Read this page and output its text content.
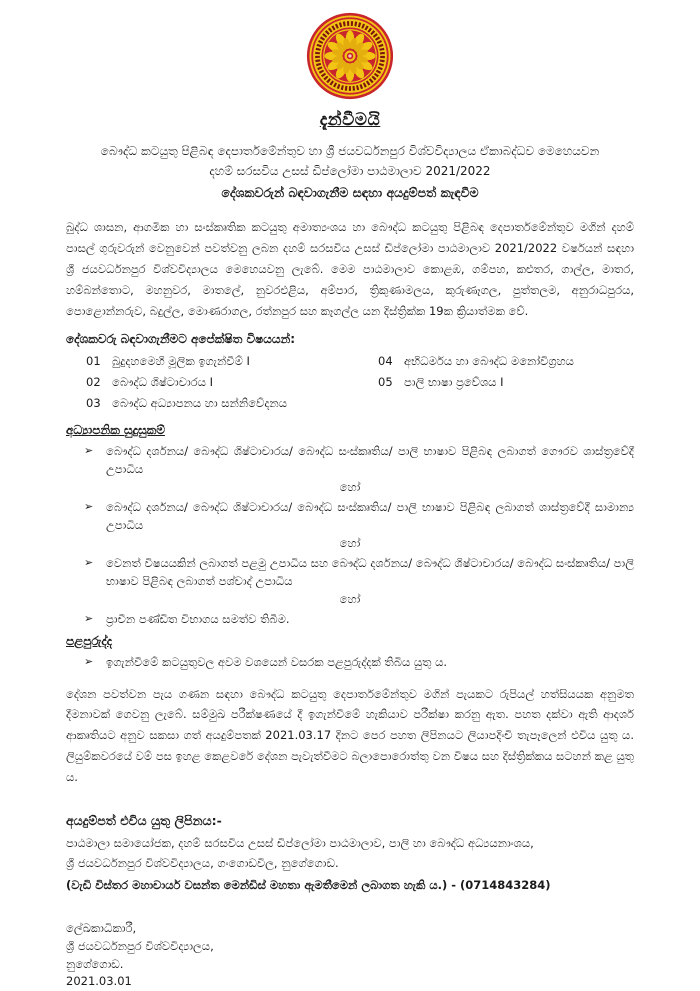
දැන්වීමයි
බෞද්ධ කටයුතු පිළිබඳ දෙපාර්තමේන්තුව හා ශ්‍රී ජයවර්ධනපුර විශ්වවිද්‍යාලය ඒකාබද්ධව මෙහෙයවන
දහම් සරසවිය උසස් ඩිප්ලෝමා පාඨමාලාව 2021/2022
දේශකවරුන් බඳවාගැනීම සඳහා අයදුම්පත් කැඳවීම

බුද්ධ ශාසන, ආගමික හා සංස්කෘතික කටයුතු අමාත්‍යංශය හා බෞද්ධ කටයුතු පිළිබඳ දෙපාර්තමේන්තුව මගින් දහම් පාසල් ගුරුවරුන් වෙනුවෙන් පවත්වනු ලබන දහම් සරසවිය උසස් ඩිප්ලෝමා පාඨමාලාව 2021/2022 වර්ෂයන් සඳහා ශ්‍රී ජයවර්ධනපුර විශ්වවිද්‍යාලය මෙහෙයවනු ලැබේ. මෙම පාඨමාලාව කොළඹ, ගම්පහ, කළුතර, ගාල්ල, මාතර, හම්බන්තොට, මහනුවර, මාතලේ, නුවරඑළිය, අම්පාර, ත්‍රිකුණාමලය, කුරුණෑගල, පුත්තලම, අනුරාධපුරය, පොළොන්නරුව, බදුල්ල, මොණරාගල, රත්නපුර සහ කෑගල්ල යන දිස්ත්‍රික්ක 19ක ක්‍රියාත්මක වේ.

දේශකවරු බඳවාගැනීමට අපේක්ෂිත විෂයයන්:
01 බුදුදහමෙහි මූලික ඉගැන්වීම් I
02 බෞද්ධ ශිෂ්ටාචාරය I
03 බෞද්ධ අධ්‍යාපනය හා සන්නිවේදනය
04 අභිධර්මය හා බෞද්ධ මනෝවිග්‍රහය
05 පාලි භාෂා ප්‍රවේශය I
අධ්‍යාපනික සුදුසුකම්
➢	බෞද්ධ දර්ශනය/ බෞද්ධ ශිෂ්ටාචාරය/ බෞද්ධ සංස්කෘතිය/ පාලි භාෂාව පිළිබඳ ලබාගත් ගෞරව ශාස්ත්‍රවේදී උපාධිය
හෝ
➢	බෞද්ධ දර්ශනය/ බෞද්ධ ශිෂ්ටාචාරය/ බෞද්ධ සංස්කෘතිය/ පාලි භාෂාව පිළිබඳ ලබාගත් ශාස්ත්‍රවේදී සාමාන්‍ය උපාධිය
හෝ
➢	වෙනත් විෂයයකින් ලබාගත් පළමු උපාධිය සහ බෞද්ධ දර්ශනය/ බෞද්ධ ශිෂ්ටාචාරය/ බෞද්ධ සංස්කෘතිය/ පාලි භාෂාව පිළිබඳ ලබාගත් පශ්චාද් උපාධිය
හෝ
➢	ප්‍රාචීන පණ්ඩිත විභාගය සමත්ව තිබීම.
පළපුරුද්ද
➢	ඉගැන්වීමේ කටයුතුවල අවම වශයෙන් වසරක පළපුරුද්දක් තිබිය යුතු ය.

දේශන පවත්වන පැය ගණන සඳහා බෞද්ධ කටයුතු දෙපාර්තමේන්තුව මගින් පැයකට රුපියල් හත්සියයක අනුමත දීමනාවක් ගෙවනු ලැබේ. සම්මුඛ පරීක්ෂණයේ දී ඉගැන්වීමේ හැකියාව පරීක්ෂා කරනු ඇත. පහත දක්වා ඇති ආදර්ශ ආකෘතියට අනුව සකසා ගත් අයදුම්පතක් 2021.03.17 දිනට පෙර පහත ලිපිනයට ලියාපදිංචි තැපෑලෙන් එවිය යුතු ය. ලියුම්කවරයේ වම් පස ඉහළ කෙළවරේ දේශන පැවැත්වීමට බලාපොරොත්තු වන විෂය සහ දිස්ත්‍රික්කය සටහන් කළ යුතු ය.

අයදුම්පත් එවිය යුතු ලිපිනය:-
පාඨමාලා සමායෝජක, දහම් සරසවිය උසස් ඩිප්ලෝමා පාඨමාලාව, පාලි හා බෞද්ධ අධ්‍යයනාංශය,
ශ්‍රී ජයවර්ධනපුර විශ්වවිද්‍යාලය, ගංගොඩවිල, නුගේගොඩ.
(වැඩි විස්තර මහාචාර්ය වසන්ත මෙන්ඩිස් මහතා ඇමතීමෙන් ලබාගත හැකි ය.) - (0714843284)
ලේඛකාධිකාරී,
ශ්‍රී ජයවර්ධනපුර විශ්වවිද්‍යාලය,
නුගේගොඩ.
2021.03.01
